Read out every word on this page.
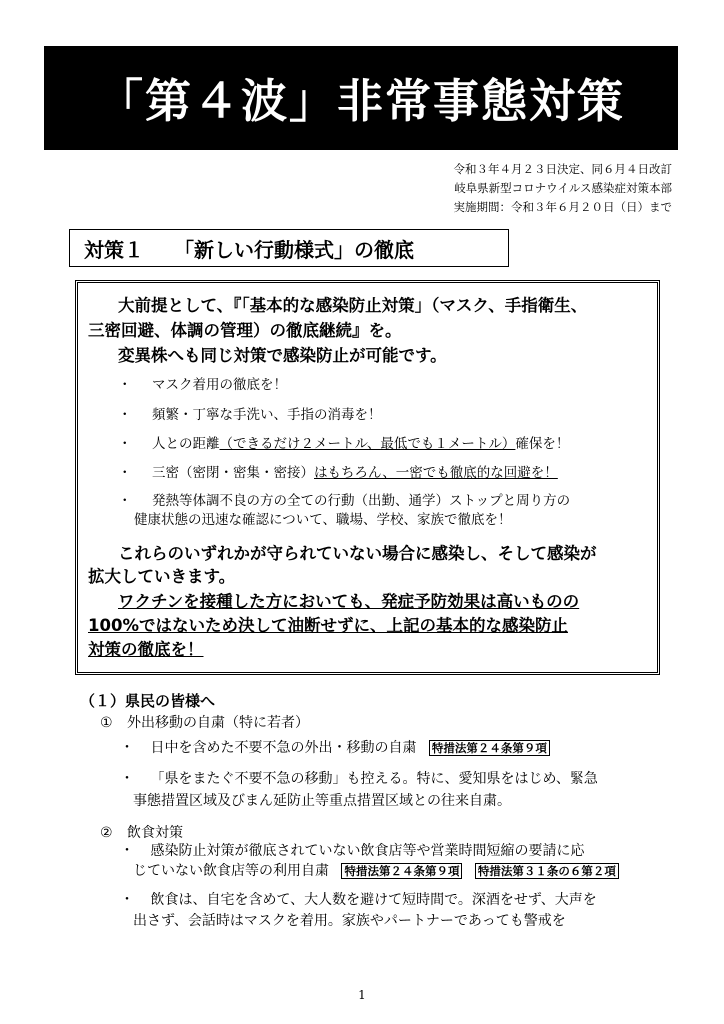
「第４波」非常事態対策
令和３年４月２３日決定、同６月４日改訂
岐阜県新型コロナウイルス感染症対策本部
実施期間：令和３年６月２０日（日）まで
対策１　　「新しい行動様式」の徹底
大前提として、『「基本的な感染防止対策」（マスク、手指衛生、
三密回避、体調の管理）の徹底継続』を。
変異株へも同じ対策で感染防止が可能です。
・ マスク着用の徹底を！
・ 頻繁・丁寧な手洗い、手指の消毒を！
・ 人との距離（できるだけ２メートル、最低でも１メートル）確保を！
・ 三密（密閉・密集・密接）はもちろん、一密でも徹底的な回避を！
・ 発熱等体調不良の方の全ての行動（出勤、通学）ストップと周り方の
健康状態の迅速な確認について、職場、学校、家族で徹底を！
これらのいずれかが守られていない場合に感染し、そして感染が
拡大していきます。
ワクチンを接種した方においても、発症予防効果は高いものの
100%ではないため決して油断せずに、上記の基本的な感染防止
対策の徹底を！
（１）県民の皆様へ
① 外出移動の自粛（特に若者）
・ 日中を含めた不要不急の外出・移動の自粛 特措法第２４条第９項
・ 「県をまたぐ不要不急の移動」も控える。特に、愛知県をはじめ、緊急
事態措置区域及びまん延防止等重点措置区域との往来自粛。
② 飲食対策
・ 感染防止対策が徹底されていない飲食店等や営業時間短縮の要請に応
じていない飲食店等の利用自粛 特措法第２４条第９項 特措法第３１条の６第２項
・ 飲食は、自宅を含めて、大人数を避けて短時間で。深酒をせず、大声を
出さず、会話時はマスクを着用。家族やパートナーであっても警戒を
1
